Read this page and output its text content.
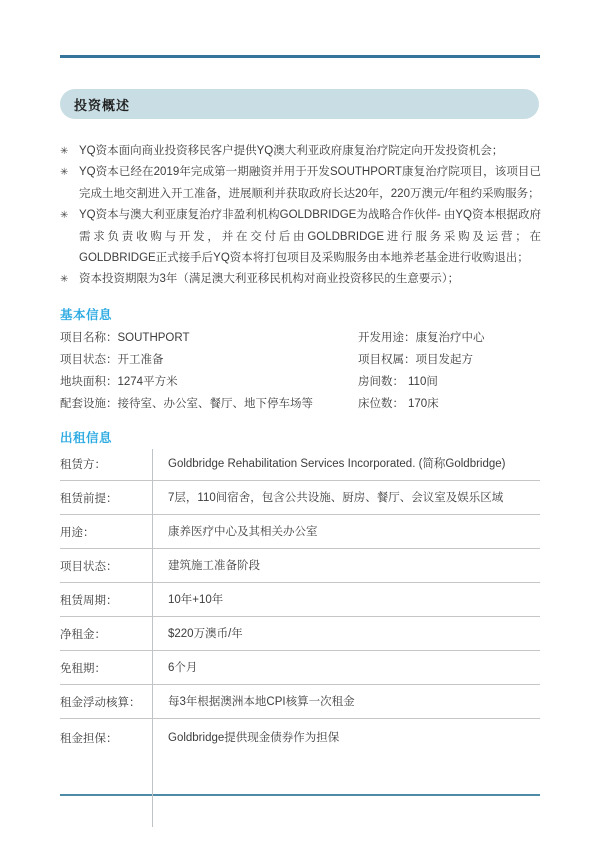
投资概述
✳ YQ资本面向商业投资移民客户提供YQ澳大利亚政府康复治疗院定向开发投资机会；
✳ YQ资本已经在2019年完成第一期融资并用于开发SOUTHPORT康复治疗院项目，该项目已完成土地交割进入开工准备，进展顺利并获取政府长达20年，220万澳元/年租约采购服务；
✳ YQ资本与澳大利亚康复治疗非盈利机构GOLDBRIDGE为战略合作伙伴- 由YQ资本根据政府需求负责收购与开发，并在交付后由GOLDBRIDGE进行服务采购及运营；在GOLDBRIDGE正式接手后YQ资本将打包项目及采购服务由本地养老基金进行收购退出；
✳ 资本投资期限为3年（满足澳大利亚移民机构对商业投资移民的生意要示）；
基本信息
项目名称：SOUTHPORT
项目状态：开工准备
地块面积：1274平方米
配套设施：接待室、办公室、餐厅、地下停车场等
开发用途：康复治疗中心
项目权属：项目发起方
房间数： 110间
床位数： 170床
出租信息
租赁方：	Goldbridge Rehabilitation Services Incorporated. (简称Goldbridge)
租赁前提：	7层，110间宿舍，包含公共设施、厨房、餐厅、会议室及娱乐区域
用途：	康养医疗中心及其相关办公室
项目状态：	建筑施工准备阶段
租赁周期：	10年+10年
净租金：	$220万澳币/年
免租期：	6个月
租金浮动核算：	每3年根据澳洲本地CPI核算一次租金
租金担保：	Goldbridge提供现金债券作为担保
